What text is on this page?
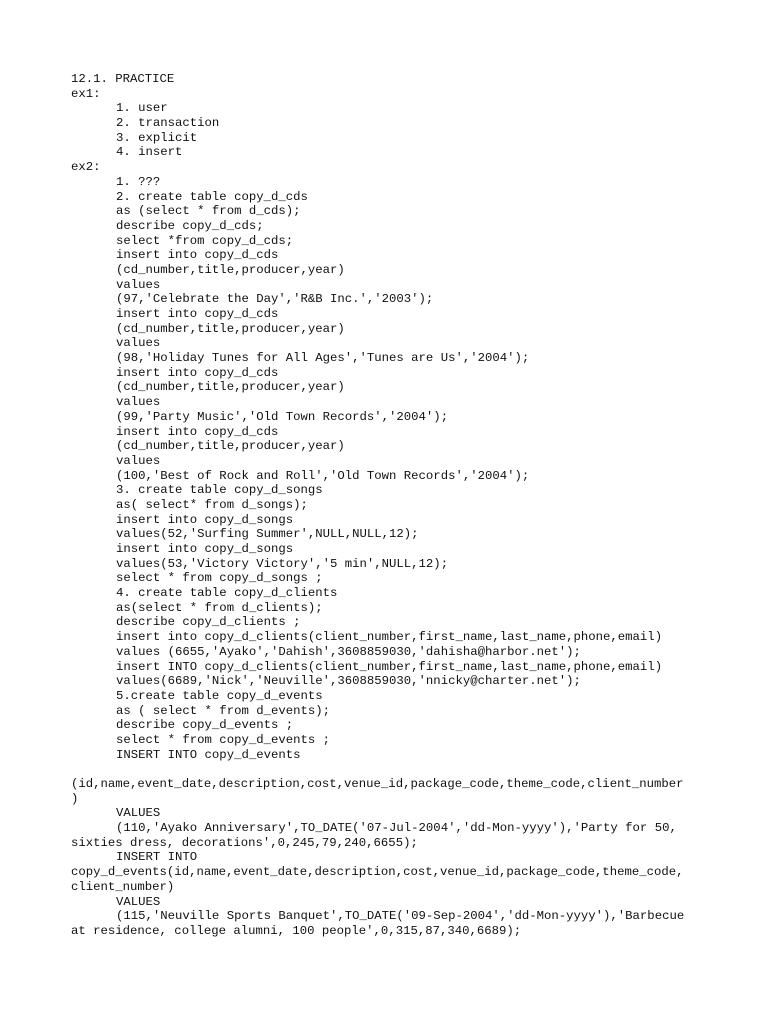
12.1. PRACTICE
ex1:
1. user
2. transaction
3. explicit
4. insert
ex2:
1. ???
2. create table copy_d_cds
as (select * from d_cds);
describe copy_d_cds;
select *from copy_d_cds;
insert into copy_d_cds
(cd_number,title,producer,year)
values
(97,'Celebrate the Day','R&B Inc.','2003');
insert into copy_d_cds
(cd_number,title,producer,year)
values
(98,'Holiday Tunes for All Ages','Tunes are Us','2004');
insert into copy_d_cds
(cd_number,title,producer,year)
values
(99,'Party Music','Old Town Records','2004');
insert into copy_d_cds
(cd_number,title,producer,year)
values
(100,'Best of Rock and Roll','Old Town Records','2004');
3. create table copy_d_songs
as( select* from d_songs);
insert into copy_d_songs
values(52,'Surfing Summer',NULL,NULL,12);
insert into copy_d_songs
values(53,'Victory Victory','5 min',NULL,12);
select * from copy_d_songs ;
4. create table copy_d_clients
as(select * from d_clients);
describe copy_d_clients ;
insert into copy_d_clients(client_number,first_name,last_name,phone,email)
values (6655,'Ayako','Dahish',3608859030,'dahisha@harbor.net');
insert INTO copy_d_clients(client_number,first_name,last_name,phone,email)
values(6689,'Nick','Neuville',3608859030,'nnicky@charter.net');
5.create table copy_d_events
as ( select * from d_events);
describe copy_d_events ;
select * from copy_d_events ;
INSERT INTO copy_d_events
(id,name,event_date,description,cost,venue_id,package_code,theme_code,client_number
)
VALUES
(110,'Ayako Anniversary',TO_DATE('07-Jul-2004','dd-Mon-yyyy'),'Party for 50,
sixties dress, decorations',0,245,79,240,6655);
INSERT INTO
copy_d_events(id,name,event_date,description,cost,venue_id,package_code,theme_code,
client_number)
VALUES
(115,'Neuville Sports Banquet',TO_DATE('09-Sep-2004','dd-Mon-yyyy'),'Barbecue
at residence, college alumni, 100 people',0,315,87,340,6689);
